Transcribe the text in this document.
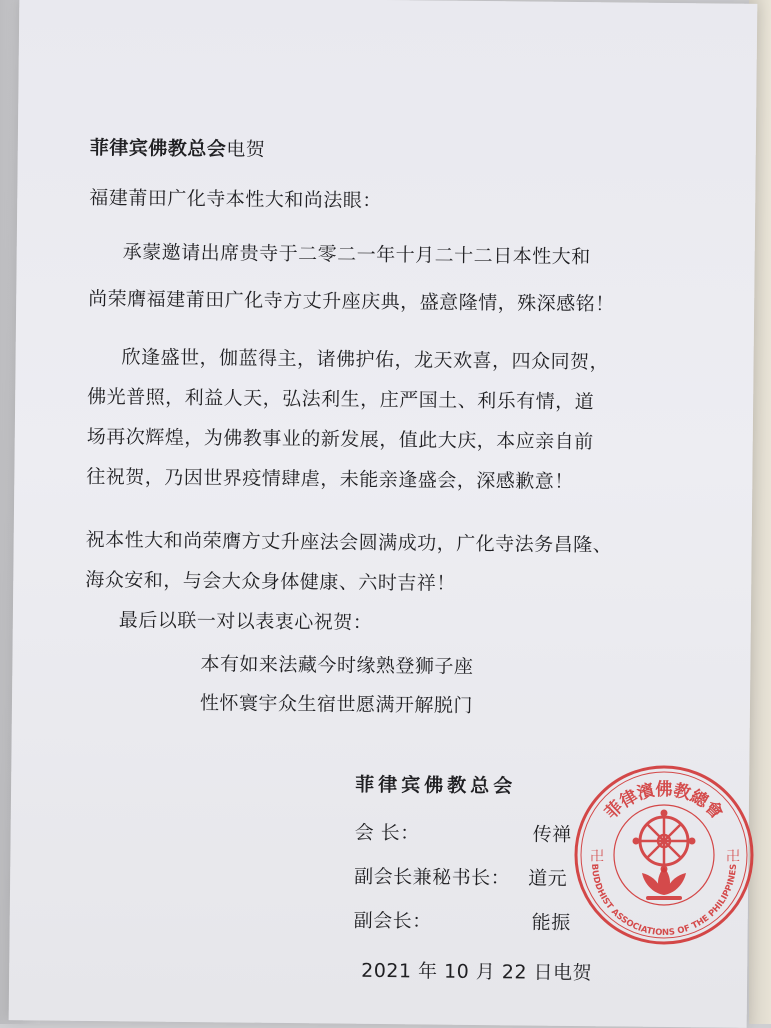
菲律宾佛教总会电贺
福建莆田广化寺本性大和尚法眼：
承蒙邀请出席贵寺于二零二一年十月二十二日本性大和
尚荣膺福建莆田广化寺方丈升座庆典，盛意隆情，殊深感铭！
欣逢盛世，伽蓝得主，诸佛护佑，龙天欢喜，四众同贺，
佛光普照，利益人天，弘法利生，庄严国土、利乐有情，道
场再次辉煌，为佛教事业的新发展，值此大庆，本应亲自前
往祝贺，乃因世界疫情肆虐，未能亲逢盛会，深感歉意！
祝本性大和尚荣膺方丈升座法会圆满成功，广化寺法务昌隆、
海众安和，与会大众身体健康、六时吉祥！
最后以联一对以表衷心祝贺：
本有如来法藏今时缘熟登狮子座
性怀寰宇众生宿世愿满开解脱门
菲律宾佛教总会
会 长：	传禅
副会长兼秘书长： 道元
副会长：	能振
2021 年 10 月 22 日电贺
菲律濱佛教總會
BUDDHIST ASSOCIATIONS OF THE PHILIPPINES
卍	卍
